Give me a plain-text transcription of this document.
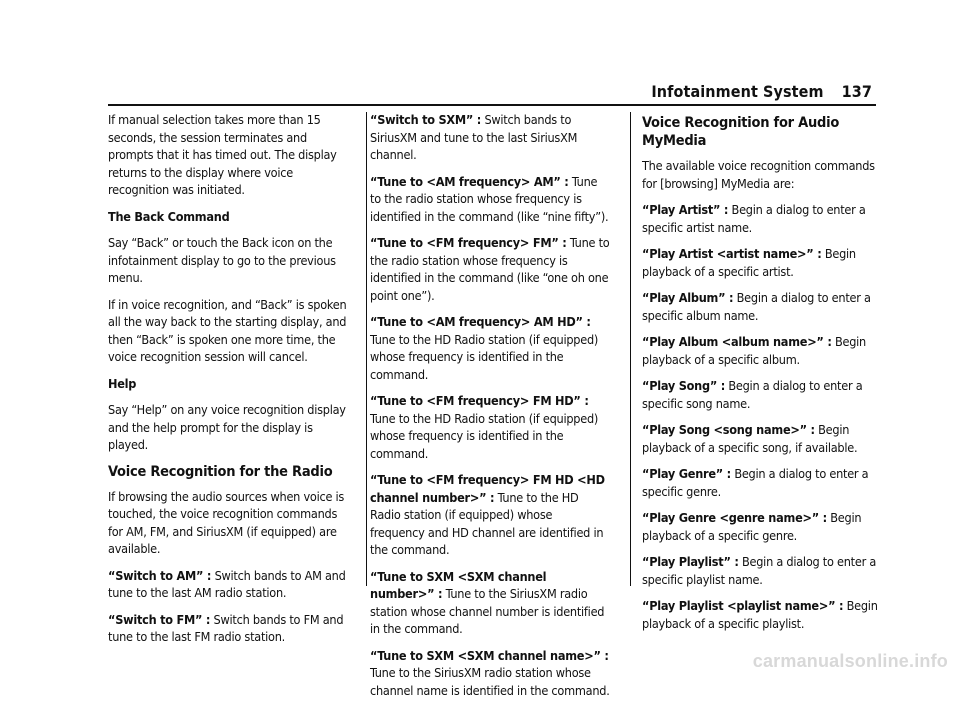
Infotainment System 137

If manual selection takes more than 15 seconds, the session terminates and prompts that it has timed out. The display returns to the display where voice recognition was initiated.

The Back Command

Say “Back” or touch the Back icon on the infotainment display to go to the previous menu.

If in voice recognition, and “Back” is spoken all the way back to the starting display, and then “Back” is spoken one more time, the voice recognition session will cancel.

Help

Say “Help” on any voice recognition display and the help prompt for the display is played.

Voice Recognition for the Radio

If browsing the audio sources when voice is touched, the voice recognition commands for AM, FM, and SiriusXM (if equipped) are available.

“Switch to AM” : Switch bands to AM and tune to the last AM radio station.

“Switch to FM” : Switch bands to FM and tune to the last FM radio station.

“Switch to SXM” : Switch bands to SiriusXM and tune to the last SiriusXM channel.

“Tune to <AM frequency> AM” : Tune to the radio station whose frequency is identified in the command (like “nine fifty”).

“Tune to <FM frequency> FM” : Tune to the radio station whose frequency is identified in the command (like “one oh one point one”).

“Tune to <AM frequency> AM HD” : Tune to the HD Radio station (if equipped) whose frequency is identified in the command.

“Tune to <FM frequency> FM HD” : Tune to the HD Radio station (if equipped) whose frequency is identified in the command.

“Tune to <FM frequency> FM HD <HD channel number>” : Tune to the HD Radio station (if equipped) whose frequency and HD channel are identified in the command.

“Tune to SXM <SXM channel number>” : Tune to the SiriusXM radio station whose channel number is identified in the command.

“Tune to SXM <SXM channel name>” : Tune to the SiriusXM radio station whose channel name is identified in the command.

Voice Recognition for Audio MyMedia

The available voice recognition commands for [browsing] MyMedia are:

“Play Artist” : Begin a dialog to enter a specific artist name.

“Play Artist <artist name>” : Begin playback of a specific artist.

“Play Album” : Begin a dialog to enter a specific album name.

“Play Album <album name>” : Begin playback of a specific album.

“Play Song” : Begin a dialog to enter a specific song name.

“Play Song <song name>” : Begin playback of a specific song, if available.

“Play Genre” : Begin a dialog to enter a specific genre.

“Play Genre <genre name>” : Begin playback of a specific genre.

“Play Playlist” : Begin a dialog to enter a specific playlist name.

“Play Playlist <playlist name>” : Begin playback of a specific playlist.

carmanualsonline.info
